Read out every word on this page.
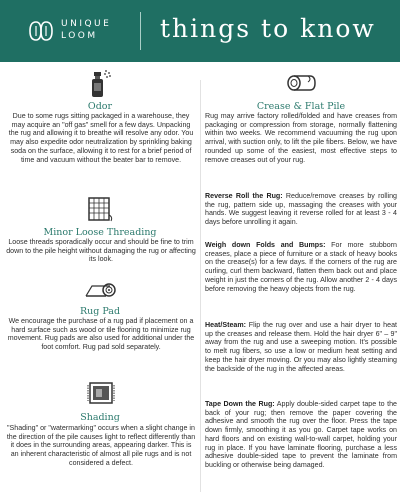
UNIQUE
LOOM	things to know
Odor
Due to some rugs sitting packaged in a warehouse, they may acquire an "off gas" smell for a few days. Unpacking the rug and allowing it to breathe will resolve any odor. You may also expedite odor neutralization by sprinkling baking soda on the surface, allowing it to rest for a brief period of time and vacuum without the beater bar to remove.
Minor Loose Threading
Loose threads sporadically occur and should be fine to trim down to the pile height without damaging the rug or affecting its look.
Rug Pad
We encourage the purchase of a rug pad if placement on a hard surface such as wood or tile flooring to minimize rug movement. Rug pads are also used for additional under the foot comfort. Rug pad sold separately.
Shading
"Shading" or "watermarking" occurs when a slight change in the direction of the pile causes light to reflect differently than it does in the surrounding areas, appearing darker. This is an inherent characteristic of almost all pile rugs and is not considered a defect.
Crease & Flat Pile
Rug may arrive factory rolled/folded and have creases from packaging or compression from storage, normally flattening within two weeks. We recommend vacuuming the rug upon arrival, with suction only, to lift the pile fibers. Below, we have rounded up some of the easiest, most effective steps to remove creases out of your rug.
Reverse Roll the Rug: Reduce/remove creases by rolling the rug, pattern side up, massaging the creases with your hands. We suggest leaving it reverse rolled for at least 3 - 4 days before unrolling it again.
Weigh down Folds and Bumps: For more stubborn creases, place a piece of furniture or a stack of heavy books on the crease(s) for a few days. If the corners of the rug are curling, curl them backward, flatten them back out and place weight in just the corners of the rug. Allow another 2 - 4 days before removing the heavy objects from the rug.
Heat/Steam: Flip the rug over and use a hair dryer to heat up the creases and release them. Hold the hair dryer 6" – 9" away from the rug and use a sweeping motion. It's possible to melt rug fibers, so use a low or medium heat setting and keep the hair dryer moving. Or you may also lightly steaming the backside of the rug in the affected areas.
Tape Down the Rug: Apply double-sided carpet tape to the back of your rug; then remove the paper covering the adhesive and smooth the rug over the floor. Press the tape down firmly, smoothing it as you go. Carpet tape works on hard floors and on existing wall-to-wall carpet, holding your rug in place. If you have laminate flooring, purchase a less adhesive double-sided tape to prevent the laminate from buckling or otherwise being damaged.
